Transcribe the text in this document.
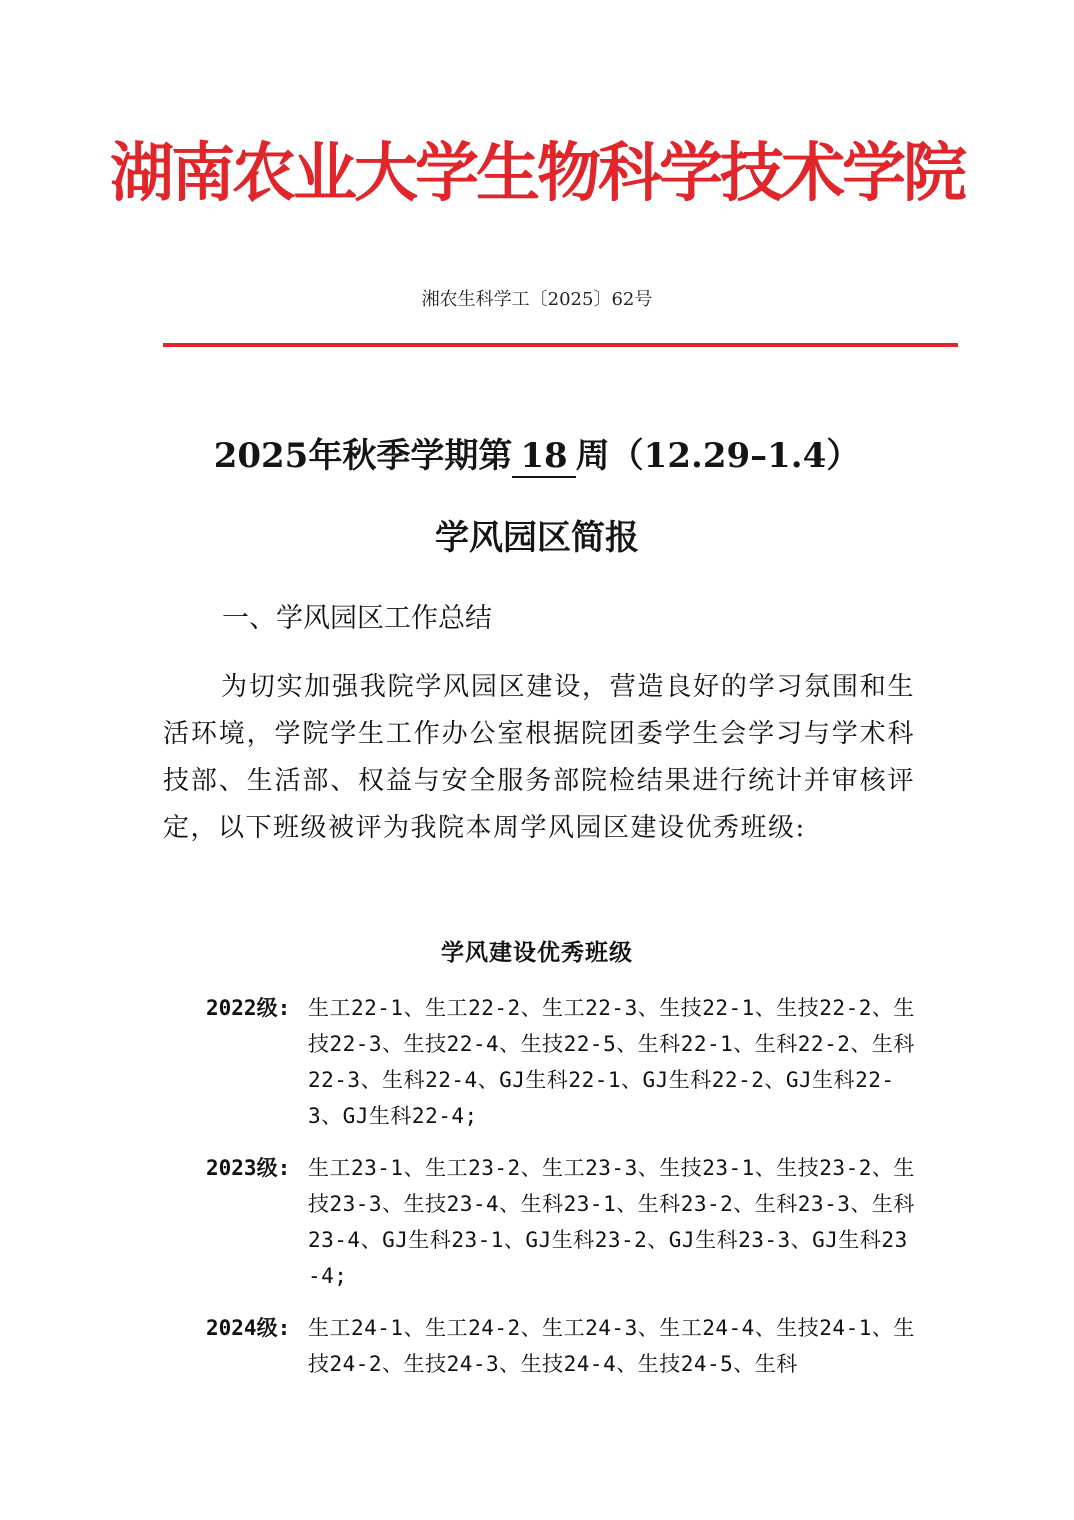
湖南农业大学生物科学技术学院
湘农生科学工〔2025〕62号
2025年秋季学期第 18 周（12.29–1.4）
学风园区简报
一、学风园区工作总结

为切实加强我院学风园区建设，营造良好的学习氛围和生活环境，学院学生工作办公室根据院团委学生会学习与学术科技部、生活部、权益与安全服务部院检结果进行统计并审核评定，以下班级被评为我院本周学风园区建设优秀班级:

学风建设优秀班级
2022级: 生工22-1、生工22-2、生工22-3、生技22-1、生技22-2、生技22-3、生技22-4、生技22-5、生科22-1、生科22-2、生科22-3、生科22-4、GJ生科22-1、GJ生科22-2、GJ生科22-3、GJ生科22-4;

2023级: 生工23-1、生工23-2、生工23-3、生技23-1、生技23-2、生技23-3、生技23-4、生科23-1、生科23-2、生科23-3、生科23-4、GJ生科23-1、GJ生科23-2、GJ生科23-3、GJ生科23-4;

2024级: 生工24-1、生工24-2、生工24-3、生工24-4、生技24-1、生技24-2、生技24-3、生技24-4、生技24-5、生科
